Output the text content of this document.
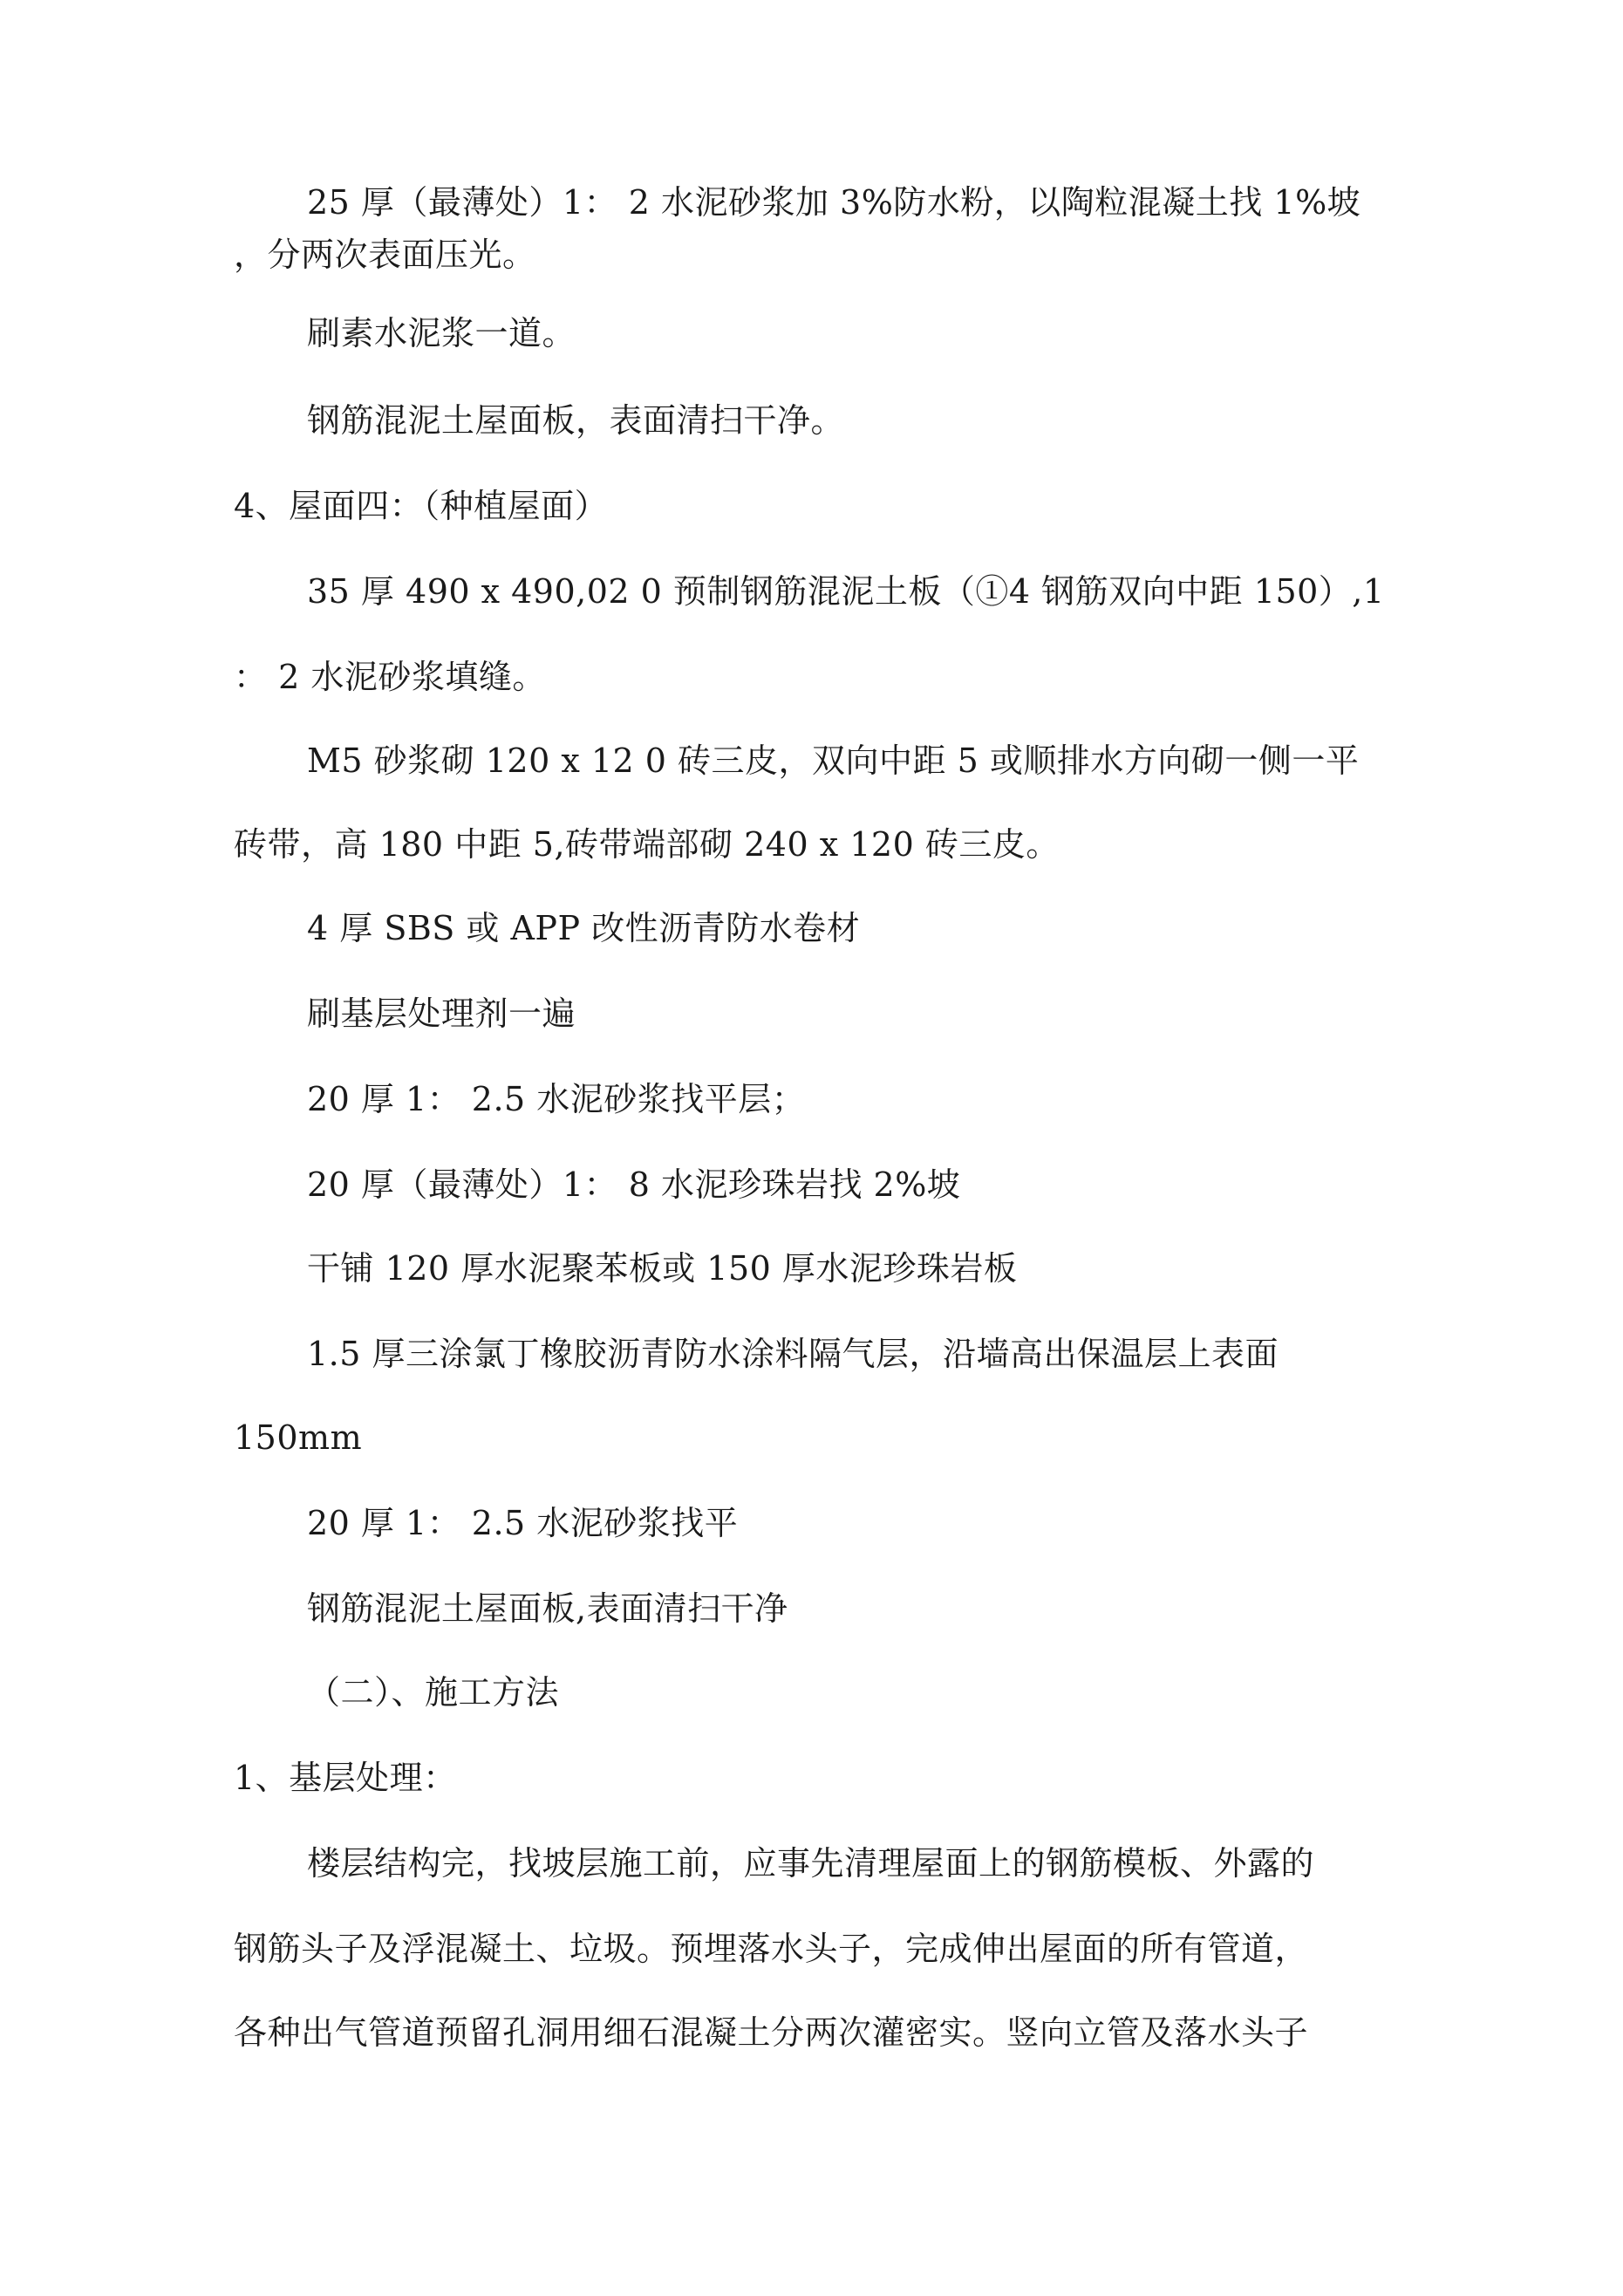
25 厚（最薄处）1： 2 水泥砂浆加 3%防水粉，以陶粒混凝土找 1%坡
，分两次表面压光。
刷素水泥浆一道。
钢筋混泥土屋面板，表面清扫干净。
4、屋面四：（种植屋面）
35 厚 490 x 490,02 0 预制钢筋混泥土板（①4 钢筋双向中距 150）,1
： 2 水泥砂浆填缝。
M5 砂浆砌 120 x 12 0 砖三皮，双向中距 5 或顺排水方向砌一侧一平
砖带，高 180 中距 5,砖带端部砌 240 x 120 砖三皮。
4 厚 SBS 或 APP 改性沥青防水卷材
刷基层处理剂一遍
20 厚 1： 2.5 水泥砂浆找平层；
20 厚（最薄处）1： 8 水泥珍珠岩找 2%坡
干铺 120 厚水泥聚苯板或 150 厚水泥珍珠岩板
1.5 厚三涂氯丁橡胶沥青防水涂料隔气层，沿墙高出保温层上表面
150mm
20 厚 1： 2.5 水泥砂浆找平
钢筋混泥土屋面板,表面清扫干净
（二）、施工方法
1、基层处理：
楼层结构完，找坡层施工前，应事先清理屋面上的钢筋模板、外露的
钢筋头子及浮混凝土、垃圾。预埋落水头子，完成伸出屋面的所有管道，
各种出气管道预留孔洞用细石混凝土分两次灌密实。竖向立管及落水头子
